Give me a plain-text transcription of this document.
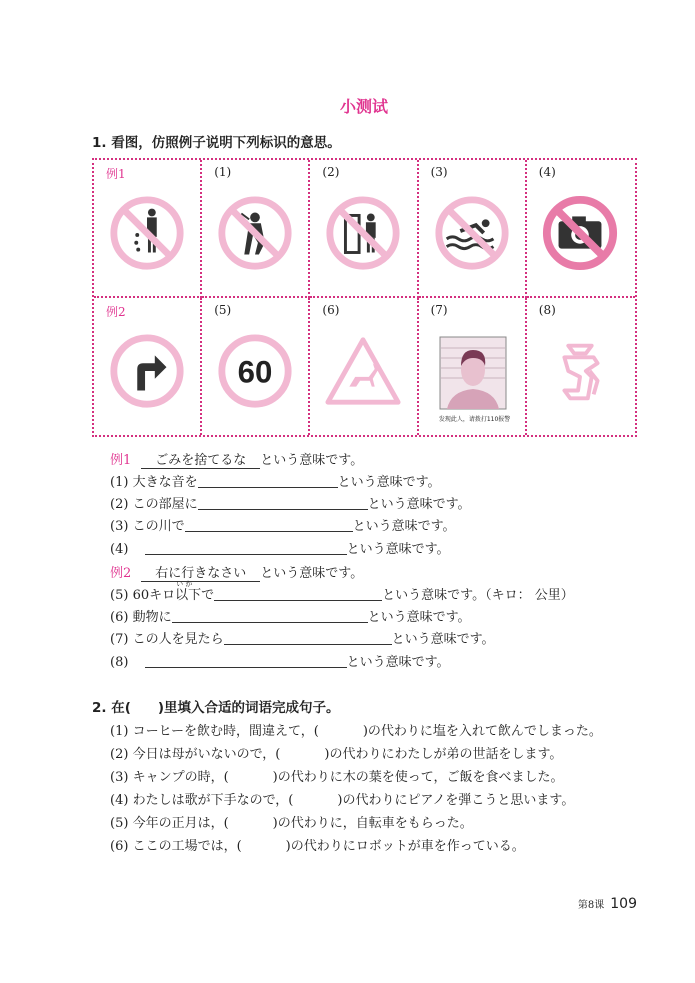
小测试
1. 看图，仿照例子说明下列标识的意思。
例1	(1)	(2)	(3)	(4)
例2	(5)
60
(6)	(7)
发现此人，请拨打110报警
(8)
例1 ごみを捨てるな という意味です。
(1) 大きな音を	という意味です。
(2) この部屋に	という意味です。
(3) この川で	という意味です。
(4)	という意味です。
例2 右に行きなさい という意味です。
(5) 60キロ
い か
以下で	という意味です。（キロ： 公里）
(6) 動物に	という意味です。
(7) この人を見たら	という意味です。
(8)	という意味です。
2. 在(　　)里填入合适的词语完成句子。
(1) コーヒーを飲む時，間違えて，(	)の代わりに塩を入れて飲んでしまった。
(2) 今日は母がいないので，(	)の代わりにわたしが弟の世話をします。
(3) キャンプの時，(	)の代わりに木の葉を使って，ご飯を食べました。
(4) わたしは歌が下手なので，(	)の代わりにピアノを弾こうと思います。
(5) 今年の正月は，(	)の代わりに，自転車をもらった。
(6) ここの工場では，(	)の代わりにロボットが車を作っている。
第8课 109
